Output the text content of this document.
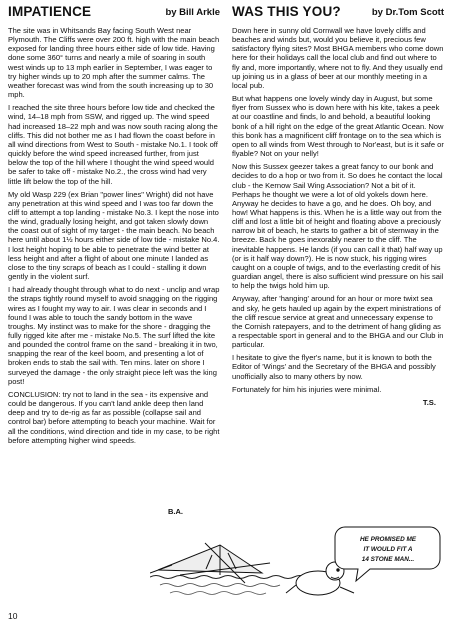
IMPATIENCE	by Bill Arkle

The site was in Whitsands Bay facing South West near Plymouth. The Cliffs were over 200 ft. high with the main beach exposed for landing three hours either side of low tide. Having done some 360° turns and nearly a mile of soaring in south west winds up to 13 mph earlier in September, I was eager to try higher winds up to 20 mph after the summer calms. The weather forecast was wind from the south increasing up to 30 mph.

I reached the site three hours before low tide and checked the wind, 14–18 mph from SSW, and rigged up. The wind speed had increased 18–22 mph and was now south racing along the cliffs. This did not bother me as I had flown the coast before in all wind directions from West to South - mistake No.1. I took off quickly before the wind speed increased further, from just below the top of the hill where I thought the wind speed would be safer to take off - mistake No.2., the cross wind had very little lift below the top of the hill.

My old Wasp 229 (ex Brian "power lines" Wright) did not have any penetration at this wind speed and I was too far down the cliff to attempt a top landing - mistake No.3. I kept the nose into the wind, gradually losing height, and got taken slowly down the coast out of sight of my target - the main beach. No beach here until about 1½ hours either side of low tide - mistake No.4. I lost height hoping to be able to penetrate the wind better at less height and after a flight of about one minute I landed as close to the tiny scraps of beach as I could - stalling it down gently in the violent surf.

I had already thought through what to do next - unclip and wrap the straps tightly round myself to avoid snagging on the rigging wires as I fought my way to air. I was clear in seconds and I found I was able to touch the sandy bottom in the wave troughs. My instinct was to make for the shore - dragging the fully rigged kite after me - mistake No.5. The surf lifted the kite and pounded the control frame on the sand - breaking it in two, snapping the rear of the keel boom, and presenting a lot of broken ends to stab the sail with. Ten mins. later on shore I surveyed the damage - the only straight piece left was the king post!

CONCLUSION: try not to land in the sea - its expensive and could be dangerous. If you can't land ankle deep then land deep and try to de-rig as far as possible (collapse sail and control bar) before attempting to beach your machine. Wait for all the conditions, wind direction and tide in my case, to be right before attempting higher wind speeds.

WAS THIS YOU?	by Dr.Tom Scott

Down here in sunny old Cornwall we have lovely cliffs and beaches and winds but, would you believe it, precious few satisfactory flying sites? Most BHGA members who come down here for their holidays call the local club and find out where to fly and, more importantly, where not to fly. And they usually end up joining us in a glass of beer at our monthly meeting in a local pub.

But what happens one lovely windy day in August, but some flyer from Sussex who is down here with his kite, takes a peek at our coastline and finds, lo and behold, a beautiful looking bonk of a hill right on the edge of the great Atlantic Ocean. Now this bonk has a magnificent cliff frontage on to the sea which is open to all winds from West through to Nor'east, but is it safe or flyable? Not on your nelly!

Now this Sussex geezer takes a great fancy to our bonk and decides to do a hop or two from it. So does he contact the local club - the Kernow Sail Wing Association? Not a bit of it. Perhaps he thought we were a lot of old yokels down here. Anyway he decides to have a go, and he does. Oh boy, and how! What happens is this. When he is a little way out from the cliff and lost a little bit of height and floating above a preciously narrow bit of beach, he starts to gather a bit of sternway in the breeze. Back he goes inexorably nearer to the cliff. The inevitable happens. He lands (if you can call it that) half way up (or is it half way down?). He is now stuck, his rigging wires caught on a couple of twigs, and to the everlasting credit of his guardian angel, there is also sufficient wind pressure on his sail to help the twigs hold him up.

Anyway, after 'hanging' around for an hour or more twixt sea and sky, he gets hauled up again by the expert ministrations of the cliff rescue service at great and unnecessary expense to the Cornish ratepayers, and to the detriment of hang gliding as a respectable sport in general and to the BHGA and our Club in particular.

I hesitate to give the flyer's name, but it is known to both the Editor of 'Wings' and the Secretary of the BHGA and possibly unofficially also to many others by now.

Fortunately for him his injuries were minimal.

T.S.
B.A.
HE PROMISED ME
IT WOULD FIT A
14 STONE MAN...
10
